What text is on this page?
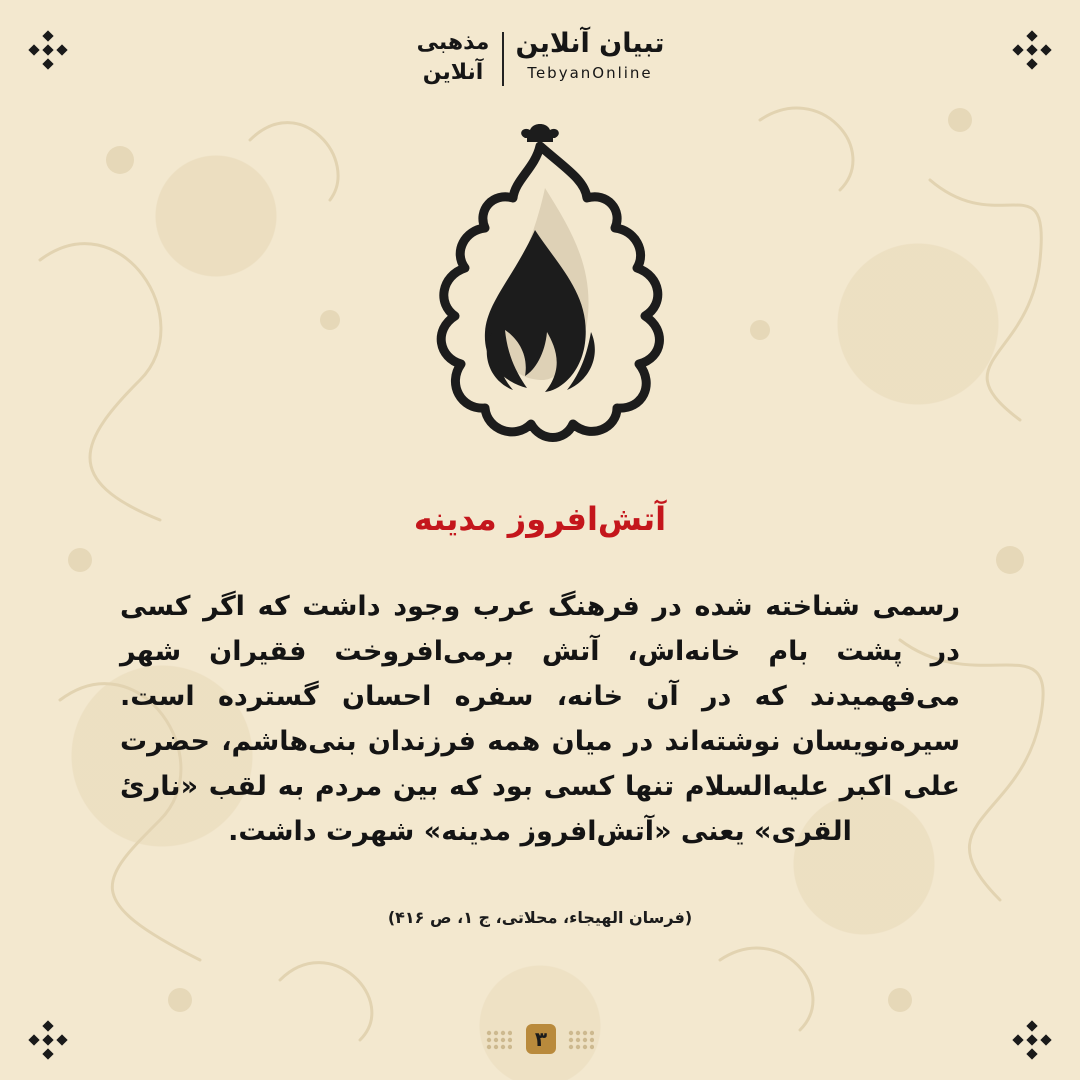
تبیان آنلاین
TebyanOnline
مذهبی
آنلاین
آتش‌افروز مدینه
رسمی شناخته شده در فرهنگ عرب وجود داشت که اگر کسی در پشت بام خانه‌اش، آتش برمی‌افروخت فقیران شهر می‌فهمیدند که در آن خانه، سفره احسان گسترده است. سیره‌نویسان نوشته‌اند در میان همه فرزندان بنی‌هاشم، حضرت علی اکبر علیه‌السلام تنها کسی بود که بین مردم به لقب «ناریٔ القری» یعنی «آتش‌افروز مدینه» شهرت داشت.
(فرسان الهیجاء، محلاتی، ج ۱، ص ۴۱۶)
۳
